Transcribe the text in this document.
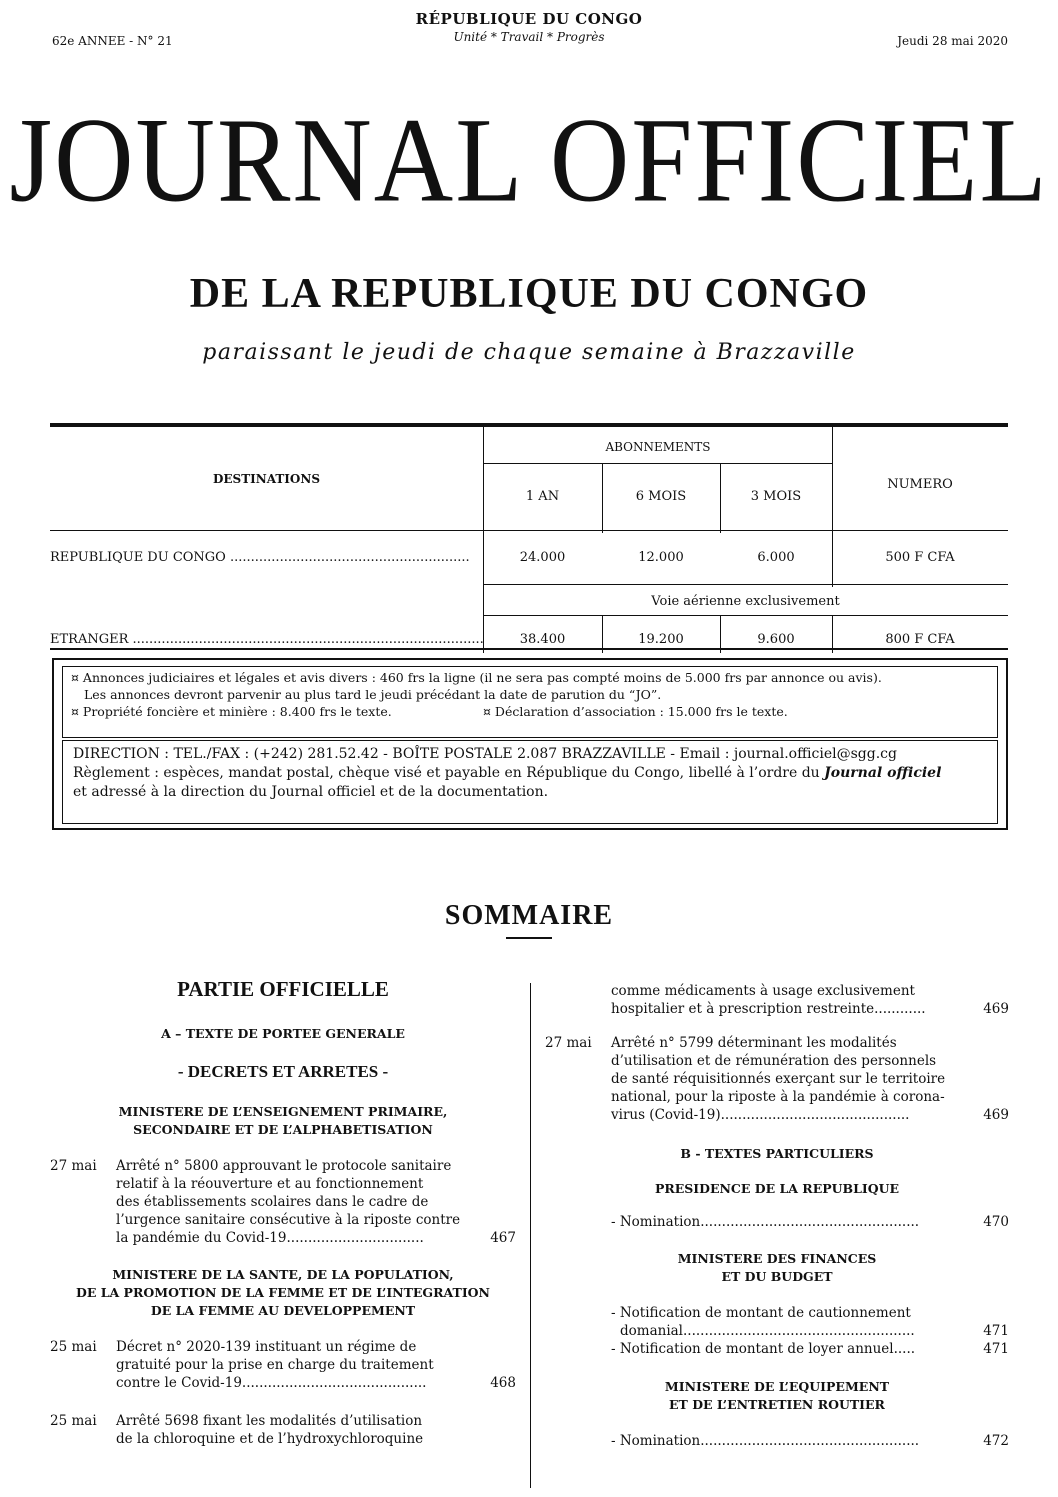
62e ANNEE - N° 21
RÉPUBLIQUE DU CONGO
Unité * Travail * Progrès	Jeudi 28 mai 2020
JOURNAL OFFICIEL
DE LA REPUBLIQUE DU CONGO
paraissant le jeudi de chaque semaine à Brazzaville
DESTINATIONS
ABONNEMENTS
1 AN	6 MOIS	3 MOIS
NUMERO
REPUBLIQUE DU CONGO ..........................................................	24.000	12.000	6.000	500 F CFA
Voie aérienne exclusivement
ETRANGER .....................................................................................	38.400	19.200	9.600	800 F CFA
¤ Annonces judiciaires et légales et avis divers : 460 frs la ligne (il ne sera pas compté moins de 5.000 frs par annonce ou avis).
Les annonces devront parvenir au plus tard le jeudi précédant la date de parution du “JO”.
¤ Propriété foncière et minière : 8.400 frs le texte.	¤ Déclaration d’association : 15.000 frs le texte.
DIRECTION : TEL./FAX : (+242) 281.52.42 - BOÎTE POSTALE 2.087 BRAZZAVILLE - Email : journal.officiel@sgg.cg
Règlement : espèces, mandat postal, chèque visé et payable en République du Congo, libellé à l’ordre du Journal officiel
et adressé à la direction du Journal officiel et de la documentation.
SOMMAIRE
PARTIE OFFICIELLE
A – TEXTE DE PORTEE GENERALE
- DECRETS ET ARRETES -
MINISTERE DE L’ENSEIGNEMENT PRIMAIRE,
SECONDAIRE ET DE L’ALPHABETISATION
27 mai Arrêté n° 5800 approuvant le protocole sanitaire
relatif à la réouverture et au fonctionnement
des établissements scolaires dans le cadre de
l’urgence sanitaire consécutive à la riposte contre
la pandémie du Covid-19................................	467
MINISTERE DE LA SANTE, DE LA POPULATION,
DE LA PROMOTION DE LA FEMME ET DE L’INTEGRATION
DE LA FEMME AU DEVELOPPEMENT
25 mai Décret n° 2020-139 instituant un régime de
gratuité pour la prise en charge du traitement
contre le Covid-19...........................................	468
25 mai Arrêté 5698 fixant les modalités d’utilisation
de la chloroquine et de l’hydroxychloroquine
comme médicaments à usage exclusivement
hospitalier et à prescription restreinte............	469
27 mai Arrêté n° 5799 déterminant les modalités
d’utilisation et de rémunération des personnels
de santé réquisitionnés exerçant sur le territoire
national, pour la riposte à la pandémie à corona-
virus (Covid-19)............................................	469
B - TEXTES PARTICULIERS
PRESIDENCE DE LA REPUBLIQUE
- Nomination...................................................	470
MINISTERE DES FINANCES
ET DU BUDGET
- Notification de montant de cautionnement
domanial......................................................	471
- Notification de montant de loyer annuel.....	471
MINISTERE DE L’EQUIPEMENT
ET DE L’ENTRETIEN ROUTIER
- Nomination...................................................	472
